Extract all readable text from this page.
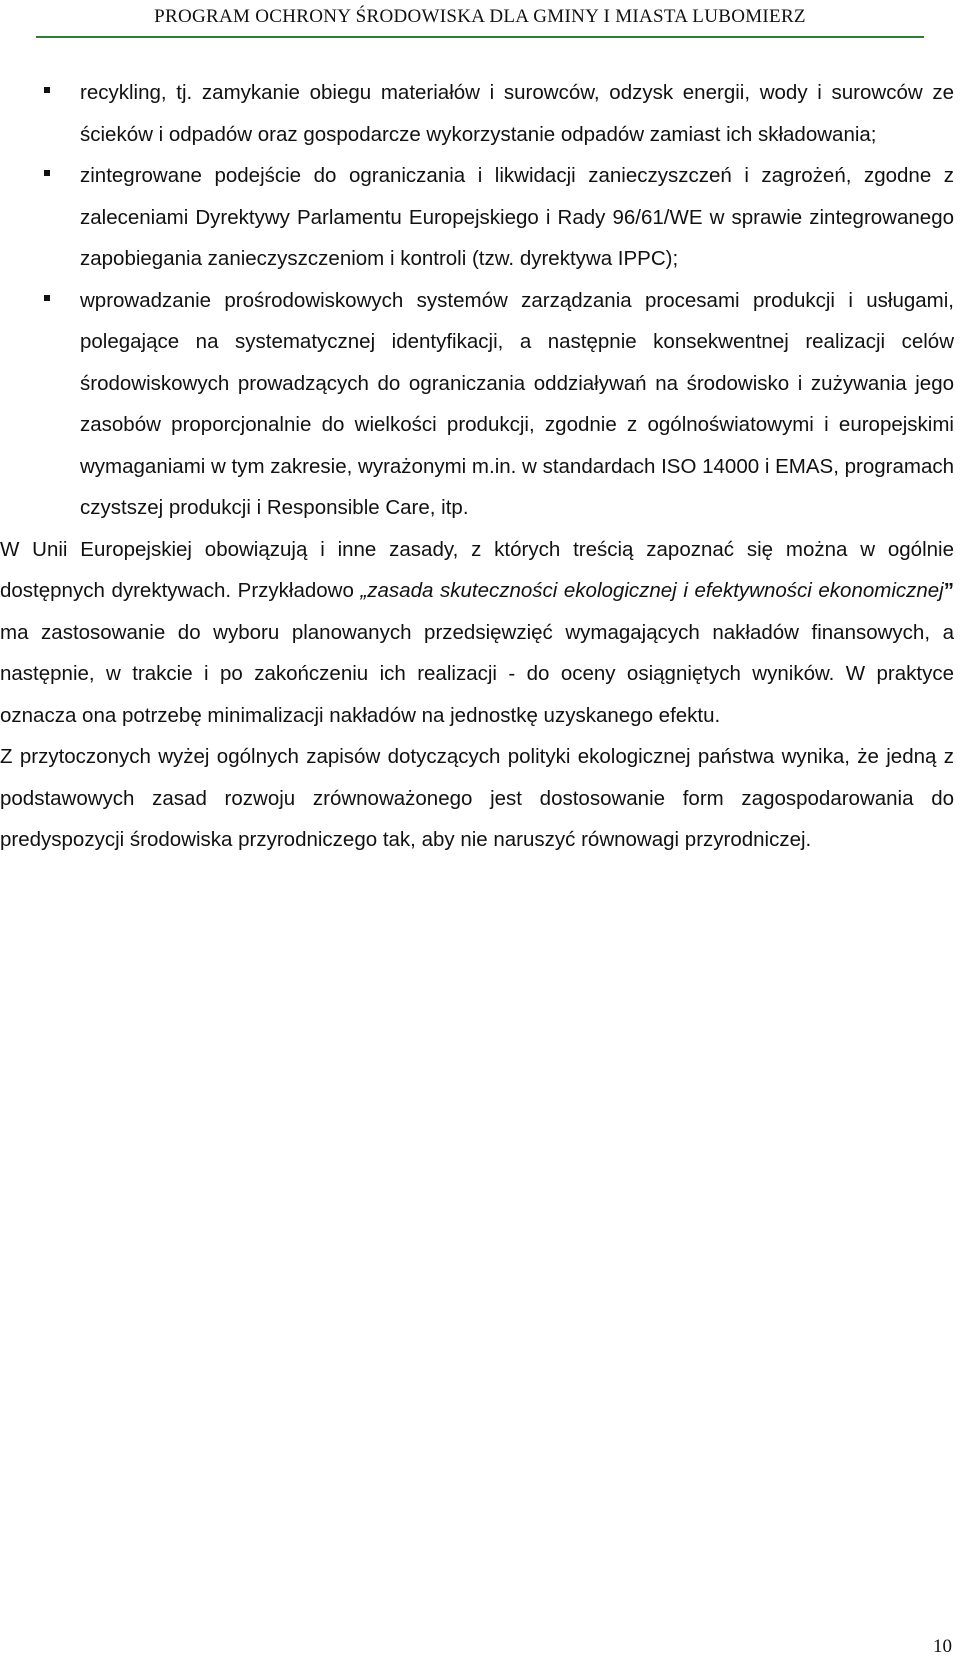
PROGRAM OCHRONY ŚRODOWISKA DLA GMINY I MIASTA LUBOMIERZ
recykling, tj. zamykanie obiegu materiałów i surowców, odzysk energii, wody i surowców ze ścieków i odpadów oraz gospodarcze wykorzystanie odpadów zamiast ich składowania;
zintegrowane podejście do ograniczania i likwidacji zanieczyszczeń i zagrożeń, zgodne z zaleceniami Dyrektywy Parlamentu Europejskiego i Rady 96/61/WE w sprawie zintegrowanego zapobiegania zanieczyszczeniom i kontroli (tzw. dyrektywa IPPC);
wprowadzanie prośrodowiskowych systemów zarządzania procesami produkcji i usługami, polegające na systematycznej identyfikacji, a następnie konsekwentnej realizacji celów środowiskowych prowadzących do ograniczania oddziaływań na środowisko i zużywania jego zasobów proporcjonalnie do wielkości produkcji, zgodnie z ogólnoświatowymi i europejskimi wymaganiami w tym zakresie, wyrażonymi m.in. w standardach ISO 14000 i EMAS, programach czystszej produkcji i Responsible Care, itp.

W Unii Europejskiej obowiązują i inne zasady, z których treścią zapoznać się można w ogólnie dostępnych dyrektywach. Przykładowo „zasada skuteczności ekologicznej i efektywności ekonomicznej” ma zastosowanie do wyboru planowanych przedsięwzięć wymagających nakładów finansowych, a następnie, w trakcie i po zakończeniu ich realizacji - do oceny osiągniętych wyników. W praktyce oznacza ona potrzebę minimalizacji nakładów na jednostkę uzyskanego efektu.

Z przytoczonych wyżej ogólnych zapisów dotyczących polityki ekologicznej państwa wynika, że jedną z podstawowych zasad rozwoju zrównoważonego jest dostosowanie form zagospodarowania do predyspozycji środowiska przyrodniczego tak, aby nie naruszyć równowagi przyrodniczej.

10
